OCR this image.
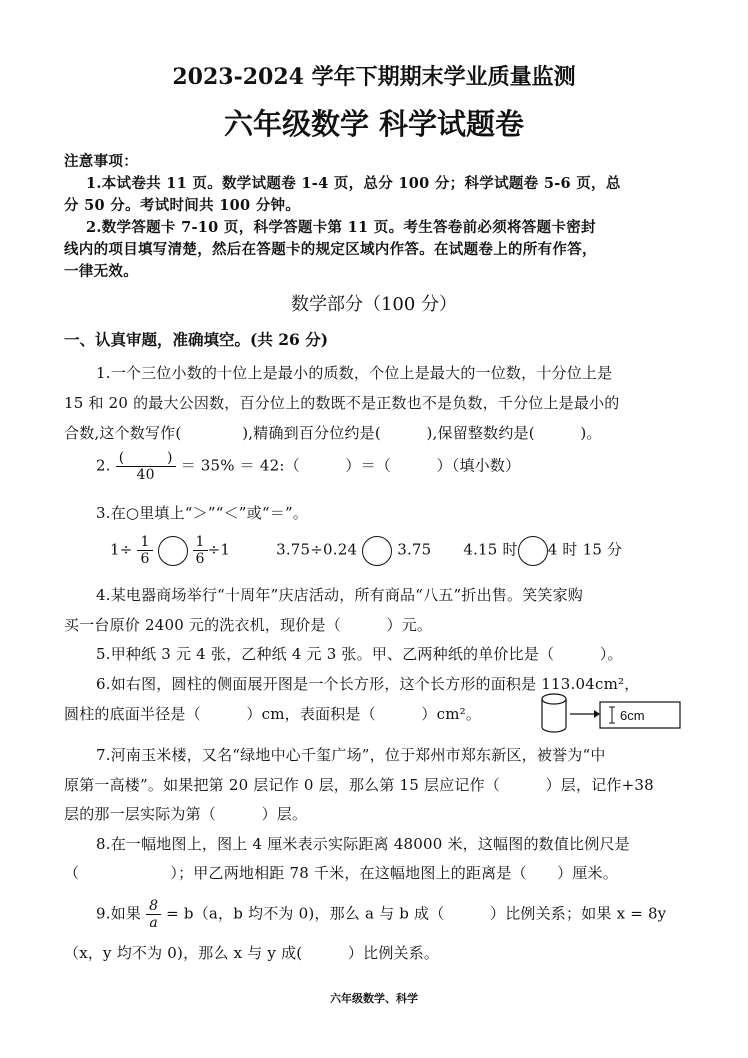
2023-2024 学年下期期末学业质量监测
六年级数学 科学试题卷
注意事项：
1.本试卷共 11 页。数学试题卷 1-4 页，总分 100 分；科学试题卷 5-6 页，总
分 50 分。考试时间共 100 分钟。
2.数学答题卡 7-10 页，科学答题卡第 11 页。考生答卷前必须将答题卡密封
线内的项目填写清楚，然后在答题卡的规定区域内作答。在试题卷上的所有作答，
一律无效。
数学部分（100 分）
一、认真审题，准确填空。(共 26 分)
1.一个三位小数的十位上是最小的质数，个位上是最大的一位数，十分位上是
15 和 20 的最大公因数，百分位上的数既不是正数也不是负数，千分位上是最小的
合数,这个数写作(　　　　),精确到百分位约是(　　　),保留整数约是(　　　)。
2. $\frac{( )}{40} = 35\%$ ＝ 42:（　　　）＝（　　　）（填小数）
3.在○里填上“＞”“＜”或“＝”。
$1\div \frac{1}{6}$
	$\frac{1}{6} \div 1$	3.75÷0.24	3.75 4.15 时 4 时 15 分
4.某电器商场举行“十周年”庆店活动，所有商品“八五”折出售。笑笑家购
买一台原价 2400 元的洗衣机，现价是（　　　）元。
5.甲种纸 3 元 4 张，乙种纸 4 元 3 张。甲、乙两种纸的单价比是（　　　）。
6.如右图，圆柱的侧面展开图是一个长方形，这个长方形的面积是 113.04cm²，
圆柱的底面半径是（　　　）cm，表面积是（　　　）cm²。	6cm
7.河南玉米楼，又名“绿地中心千玺广场”，位于郑州市郑东新区，被誉为“中
原第一高楼”。如果把第 20 层记作 0 层，那么第 15 层应记作（　　　）层，记作+38
层的那一层实际为第（　　　）层。
8.在一幅地图上，图上 4 厘米表示实际距离 48000 米，这幅图的数值比例尺是
（　　　　　　）；甲乙两地相距 78 千米，在这幅地图上的距离是（　　）厘米。
9.如果 $\frac{8}{a} = b(a$，b 均不为 0)，那么 a 与 b 成（　　　）比例关系；如果 x = 8y
（x，y 均不为 0)，那么 x 与 y 成(　　　）比例关系。
六年级数学、科学
